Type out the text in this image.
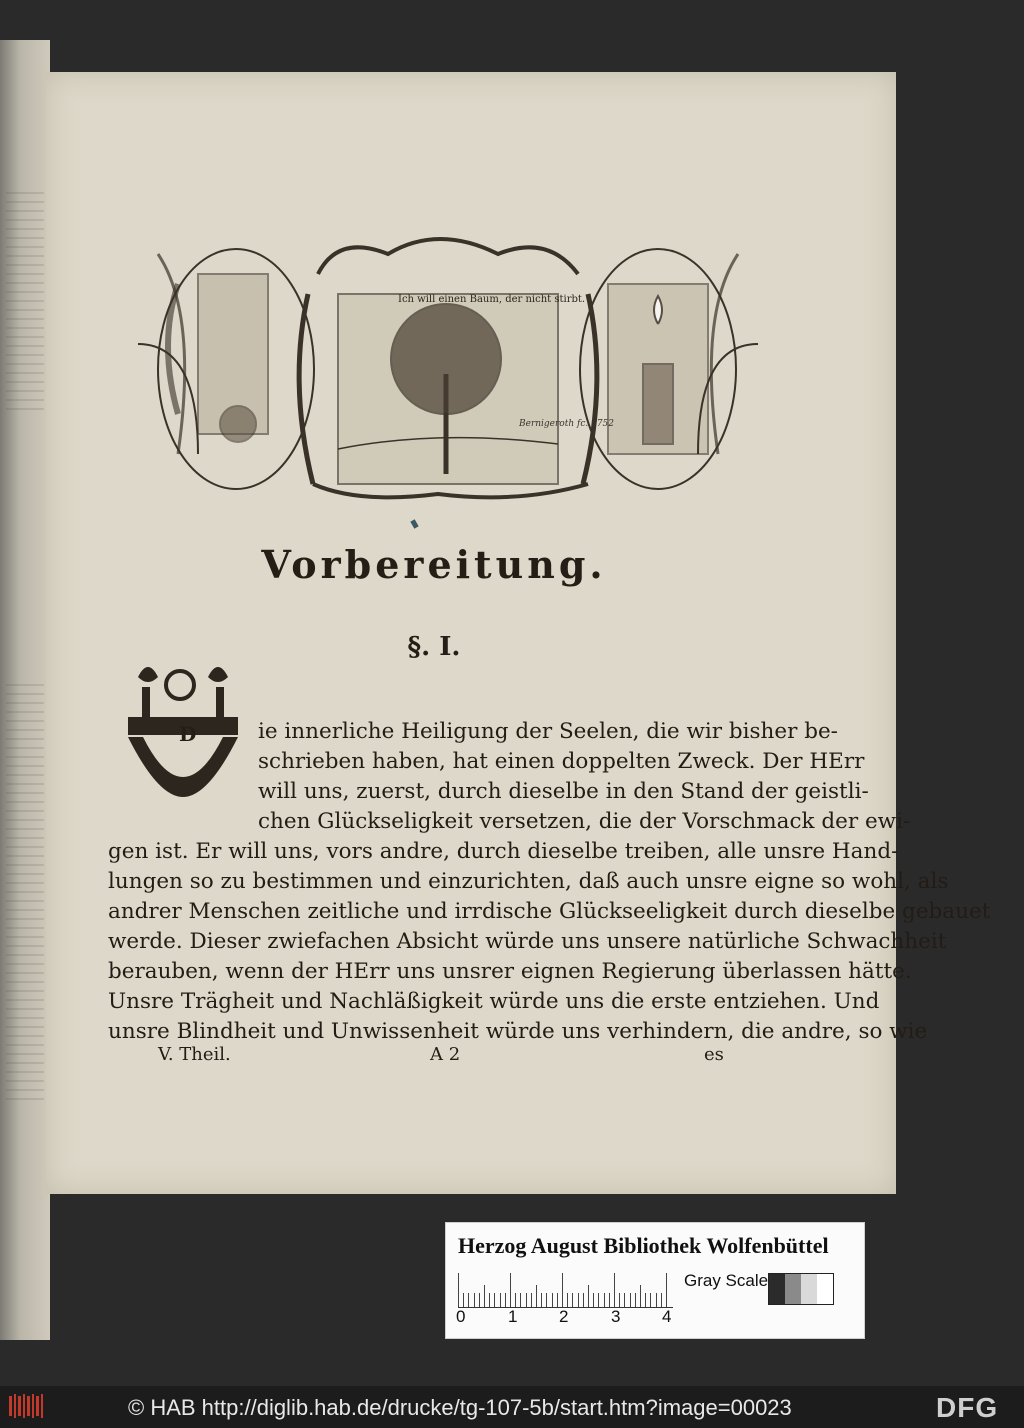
Ich will einen Baum, der nicht stirbt.
Bernigeroth fc. 1752
Vorbereitung.
§. I.
D	ie innerliche Heiligung der Seelen, die wir bisher be-
schrieben haben, hat einen doppelten Zweck. Der HErr
will uns, zuerst, durch dieselbe in den Stand der geistli-
chen Glückseligkeit versetzen, die der Vorschmack der ewi-
gen ist. Er will uns, vors andre, durch dieselbe treiben, alle unsre Hand-
lungen so zu bestimmen und einzurichten, daß auch unsre eigne so wohl, als
andrer Menschen zeitliche und irrdische Glückseeligkeit durch dieselbe gebauet
werde. Dieser zwiefachen Absicht würde uns unsere natürliche Schwachheit
berauben, wenn der HErr uns unsrer eignen Regierung überlassen hätte.
Unsre Trägheit und Nachläßigkeit würde uns die erste entziehen. Und
unsre Blindheit und Unwissenheit würde uns verhindern, die andre, so wie
V. Theil.	A 2	es
Herzog August Bibliothek Wolfenbüttel
0	1 2	3 4
Gray Scale
© HAB http://diglib.hab.de/drucke/tg-107-5b/start.htm?image=00023	DFG
